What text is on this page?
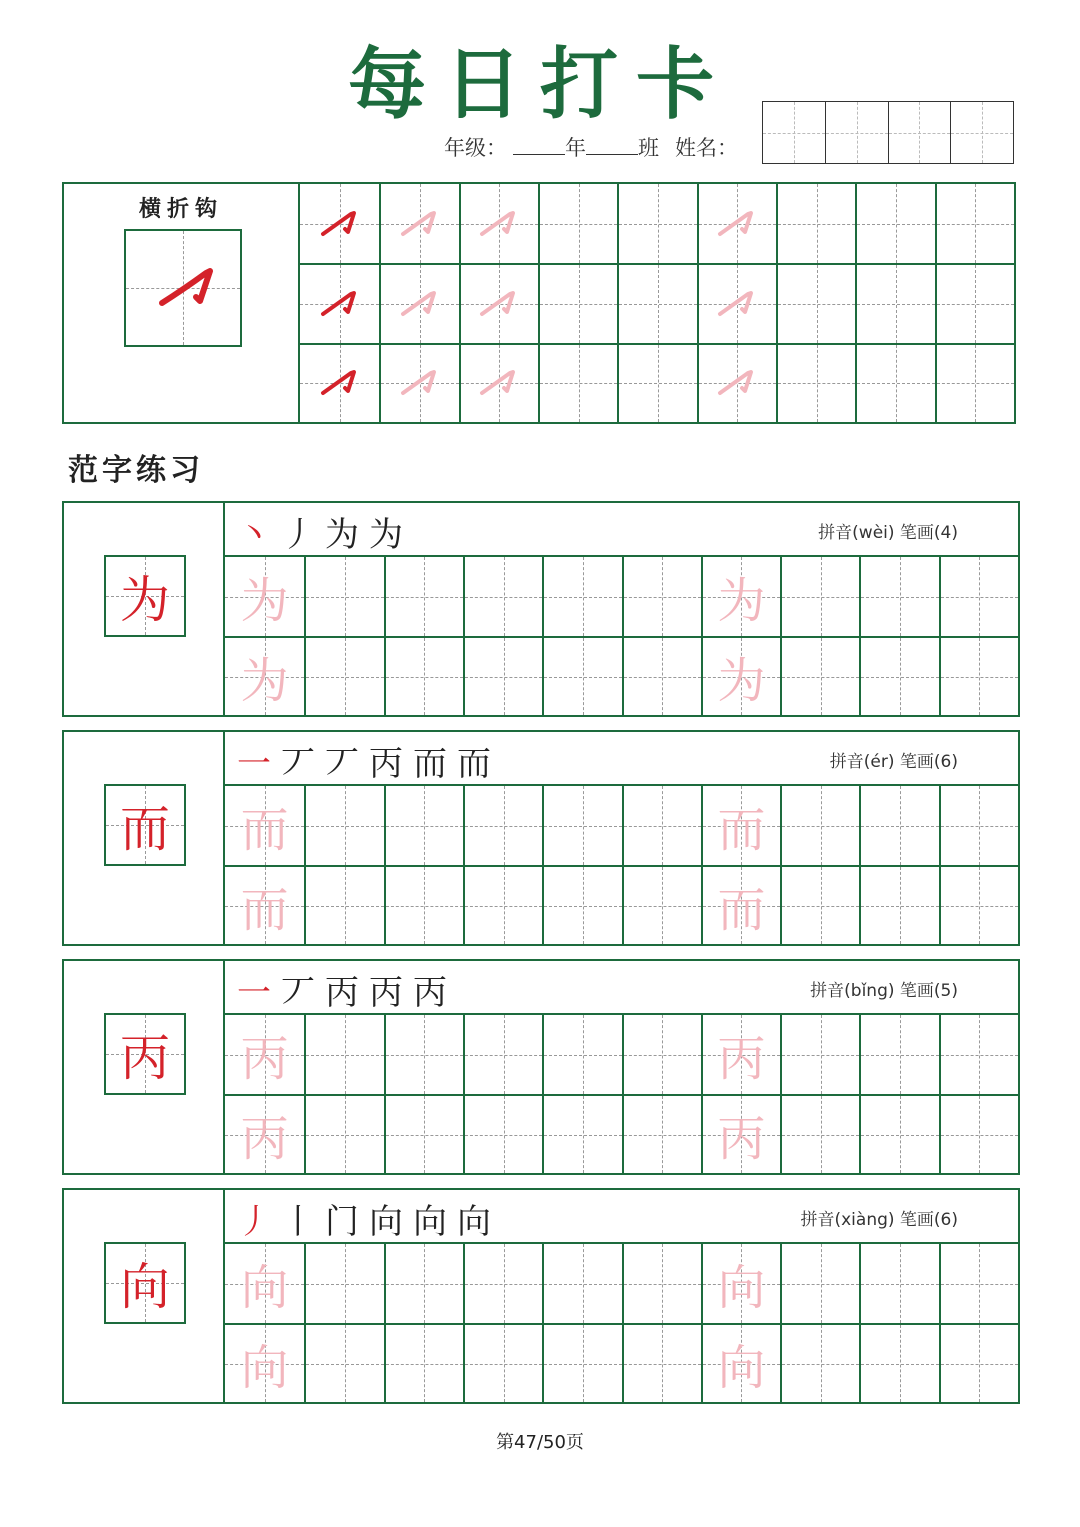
每日打卡
年级：	年 班 姓名：
横折钩
范字练习
为
丶 丿 为 为	拼音(wèi) 笔画(4)
为	为
为	为
而
一 丆 丆 丙 而 而	拼音(ér) 笔画(6)
而	而
而	而
丙
一 丆 丙 丙 丙	拼音(bǐng) 笔画(5)
丙	丙
丙	丙
向
丿 丨 门 向 向 向	拼音(xiàng) 笔画(6)
向	向
向	向
第47/50页
